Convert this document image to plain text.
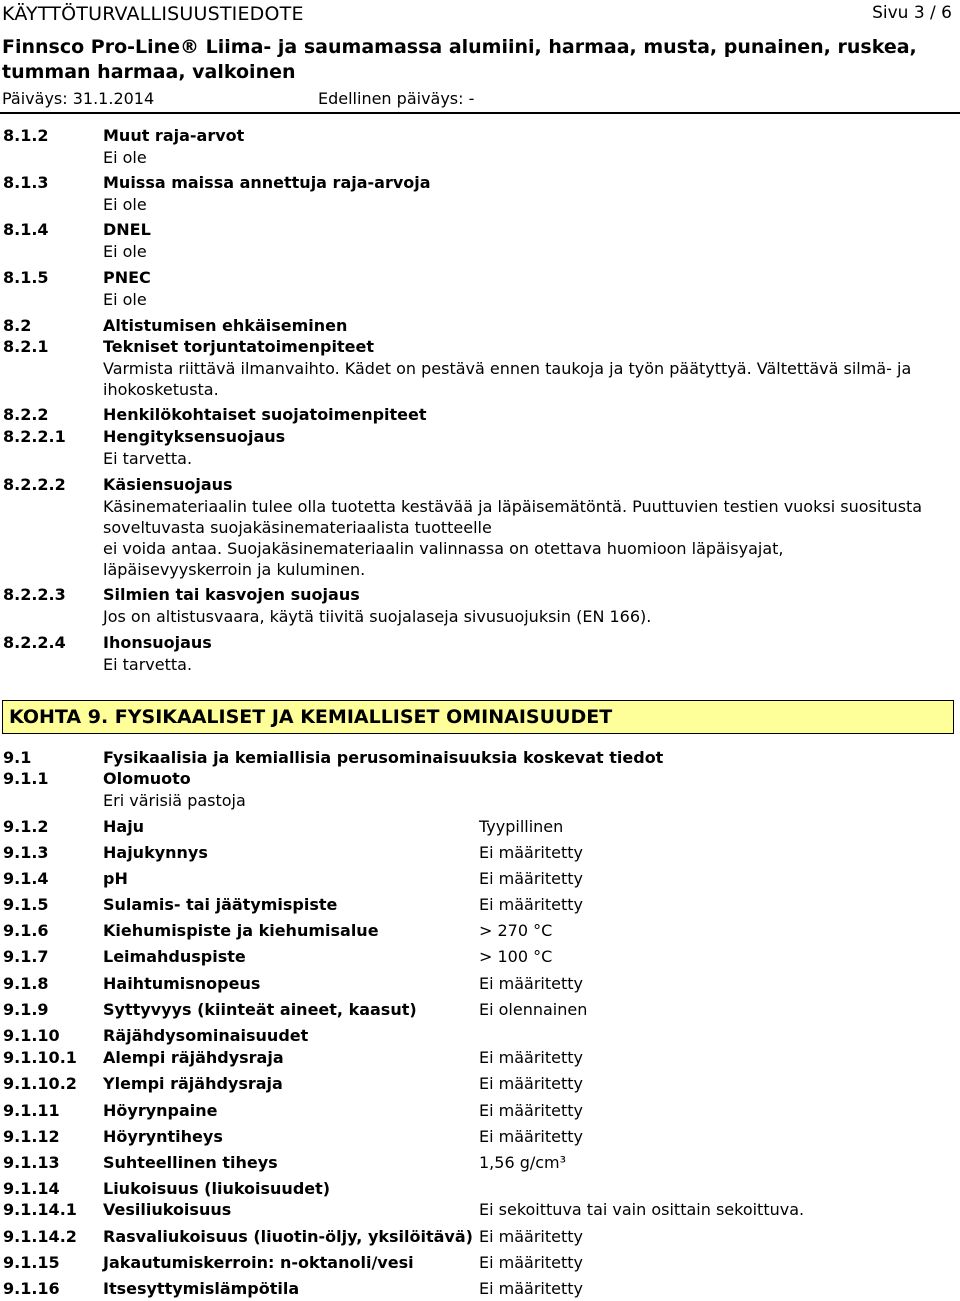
KÄYTTÖTURVALLISUUSTIEDOTE	Sivu 3 / 6
Finnsco Pro-Line® Liima- ja saumamassa alumiini, harmaa, musta, punainen, ruskea, tumman harmaa, valkoinen
Päiväys: 31.1.2014	Edellinen päiväys: -
8.1.2	Muut raja-arvot
Ei ole
8.1.3	Muissa maissa annettuja raja-arvoja
Ei ole
8.1.4	DNEL
Ei ole
8.1.5	PNEC
Ei ole
8.2	Altistumisen ehkäiseminen
8.2.1	Tekniset torjuntatoimenpiteet
Varmista riittävä ilmanvaihto. Kädet on pestävä ennen taukoja ja työn päätyttyä. Vältettävä silmä- ja ihokosketusta.
8.2.2	Henkilökohtaiset suojatoimenpiteet
8.2.2.1 Hengityksensuojaus
Ei tarvetta.
8.2.2.2 Käsiensuojaus
Käsinemateriaalin tulee olla tuotetta kestävää ja läpäisemätöntä. Puuttuvien testien vuoksi suositusta soveltuvasta suojakäsinemateriaalista tuotteelle
ei voida antaa. Suojakäsinemateriaalin valinnassa on otettava huomioon läpäisyajat, läpäisevyyskerroin ja kuluminen.
8.2.2.3 Silmien tai kasvojen suojaus
Jos on altistusvaara, käytä tiivitä suojalaseja sivusuojuksin (EN 166).
8.2.2.4 Ihonsuojaus
Ei tarvetta.
KOHTA 9. FYSIKAALISET JA KEMIALLISET OMINAISUUDET
9.1	Fysikaalisia ja kemiallisia perusominaisuuksia koskevat tiedot
9.1.1	Olomuoto
Eri värisiä pastoja
9.1.2	Haju	Tyypillinen
9.1.3	Hajukynnys	Ei määritetty
9.1.4	pH	Ei määritetty
9.1.5	Sulamis- tai jäätymispiste	Ei määritetty
9.1.6	Kiehumispiste ja kiehumisalue	> 270 °C
9.1.7	Leimahduspiste	> 100 °C
9.1.8	Haihtumisnopeus	Ei määritetty
9.1.9	Syttyvyys (kiinteät aineet, kaasut)	Ei olennainen
9.1.10	Räjähdysominaisuudet
9.1.10.1 Alempi räjähdysraja	Ei määritetty
9.1.10.2 Ylempi räjähdysraja	Ei määritetty
9.1.11	Höyrynpaine	Ei määritetty
9.1.12	Höyryntiheys	Ei määritetty
9.1.13	Suhteellinen tiheys	1,56 g/cm³
9.1.14	Liukoisuus (liukoisuudet)
9.1.14.1 Vesiliukoisuus	Ei sekoittuva tai vain osittain sekoittuva.
9.1.14.2 Rasvaliukoisuus (liuotin-öljy, yksilöitävä) Ei määritetty
9.1.15	Jakautumiskerroin: n-oktanoli/vesi	Ei määritetty
9.1.16	Itsesyttymislämpötila	Ei määritetty
